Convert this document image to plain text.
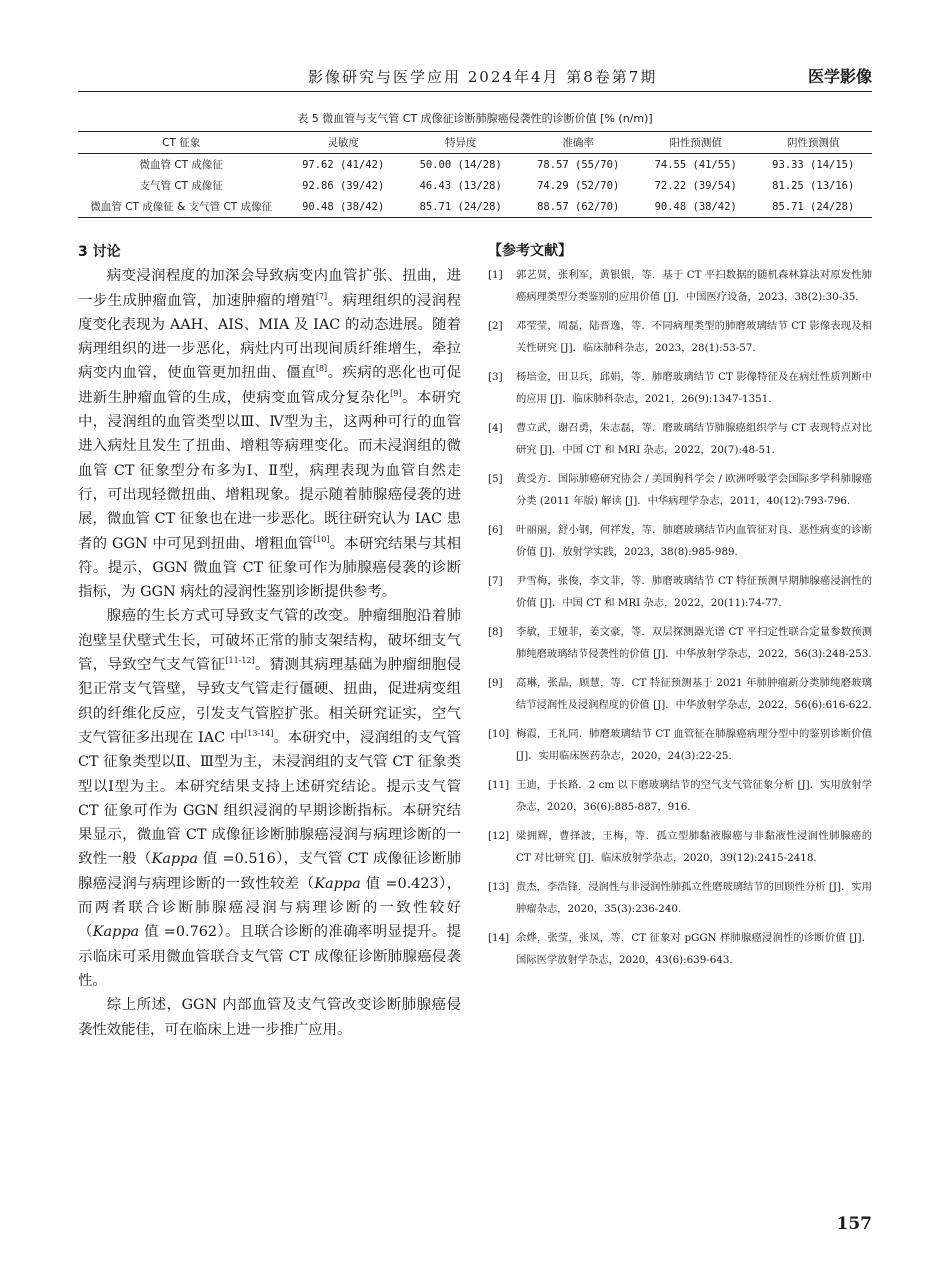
影像研究与医学应用 2024年4月 第8卷第7期	医学影像
表 5 微血管与支气管 CT 成像征诊断肺腺癌侵袭性的诊断价值 [% (n/m)]
CT 征象	灵敏度	特异度	准确率	阳性预测值	阴性预测值
微血管 CT 成像征	97.62 (41/42)	50.00 (14/28)	78.57 (55/70)	74.55 (41/55)	93.33 (14/15)
支气管 CT 成像征	92.86 (39/42)	46.43 (13/28)	74.29 (52/70)	72.22 (39/54)	81.25 (13/16)
微血管 CT 成像征 & 支气管 CT 成像征	90.48 (38/42)	85.71 (24/28)	88.57 (62/70)	90.48 (38/42)	85.71 (24/28)
3 讨论

病变浸润程度的加深会导致病变内血管扩张、扭曲，进一步生成肿瘤血管，加速肿瘤的增殖[7]。病理组织的浸润程度变化表现为 AAH、AIS、MIA 及 IAC 的动态进展。随着病理组织的进一步恶化，病灶内可出现间质纤维增生，牵拉病变内血管，使血管更加扭曲、僵直[8]。疾病的恶化也可促进新生肿瘤血管的生成，使病变血管成分复杂化[9]。本研究中，浸润组的血管类型以Ⅲ、Ⅳ型为主，这两种可行的血管进入病灶且发生了扭曲、增粗等病理变化。而未浸润组的微血管 CT 征象型分布多为Ⅰ、Ⅱ型，病理表现为血管自然走行，可出现轻微扭曲、增粗现象。提示随着肺腺癌侵袭的进展，微血管 CT 征象也在进一步恶化。既往研究认为 IAC 患者的 GGN 中可见到扭曲、增粗血管[10]。本研究结果与其相符。提示，GGN 微血管 CT 征象可作为肺腺癌侵袭的诊断指标，为 GGN 病灶的浸润性鉴别诊断提供参考。

腺癌的生长方式可导致支气管的改变。肿瘤细胞沿着肺泡壁呈伏壁式生长，可破坏正常的肺支架结构，破坏细支气管，导致空气支气管征[11-12]。猜测其病理基础为肿瘤细胞侵犯正常支气管壁，导致支气管走行僵硬、扭曲，促进病变组织的纤维化反应，引发支气管腔扩张。相关研究证实，空气支气管征多出现在 IAC 中[13-14]。本研究中，浸润组的支气管 CT 征象类型以Ⅱ、Ⅲ型为主，未浸润组的支气管 CT 征象类型以Ⅰ型为主。本研究结果支持上述研究结论。提示支气管 CT 征象可作为 GGN 组织浸润的早期诊断指标。本研究结果显示，微血管 CT 成像征诊断肺腺癌浸润与病理诊断的一致性一般（Kappa 值 =0.516），支气管 CT 成像征诊断肺腺癌浸润与病理诊断的一致性较差（Kappa 值 =0.423），而两者联合诊断肺腺癌浸润与病理诊断的一致性较好（Kappa 值 =0.762）。且联合诊断的准确率明显提升。提示临床可采用微血管联合支气管 CT 成像征诊断肺腺癌侵袭性。

综上所述，GGN 内部血管及支气管改变诊断肺腺癌侵袭性效能佳，可在临床上进一步推广应用。

【参考文献】
[1] 郭艺贤，张利军，黄银银，等．基于 CT 平扫数据的随机森林算法对原发性肺癌病理类型分类鉴别的应用价值 [J]．中国医疗设备，2023，38(2):30-35.
[2] 邓莹莹，周磊，陆晋逸，等．不同病理类型的肺磨玻璃结节 CT 影像表现及相关性研究 [J]．临床肺科杂志，2023，28(1):53-57.
[3] 杨培金，田卫兵，邱娟，等．肺磨玻璃结节 CT 影像特征及在病灶性质判断中的应用 [J]．临床肺科杂志，2021，26(9):1347-1351.
[4] 曹立武，谢召勇，朱志磊，等．磨玻璃结节肺腺癌组织学与 CT 表现特点对比研究 [J]．中国 CT 和 MRI 杂志，2022，20(7):48-51.
[5] 黄受方．国际肺癌研究协会 / 美国胸科学会 / 欧洲呼吸学会国际多学科肺腺癌分类 (2011 年版) 解读 [J]．中华病理学杂志，2011，40(12):793-796.
[6] 叶丽丽，舒小钢，何祥发，等．肺磨玻璃结节内血管征对良、恶性病变的诊断价值 [J]．放射学实践，2023，38(8):985-989.
[7] 尹雪梅，张俊，李文菲，等．肺磨玻璃结节 CT 特征预测早期肺腺癌浸润性的价值 [J]．中国 CT 和 MRI 杂志，2022，20(11):74-77.
[8] 李敏，王娅菲，姜文豪，等．双层探测器光谱 CT 平扫定性联合定量参数预测肺纯磨玻璃结节侵袭性的价值 [J]．中华放射学杂志，2022，56(3):248-253.
[9] 高琳，张晶，顾慧，等．CT 特征预测基于 2021 年肺肿瘤新分类肺纯磨玻璃结节浸润性及浸润程度的价值 [J]．中华放射学杂志，2022，56(6):616-622.
[10] 梅霞，王礼同．肺磨玻璃结节 CT 血管征在肺腺癌病理分型中的鉴别诊断价值 [J]．实用临床医药杂志，2020，24(3):22-25.
[11] 王迪，于长路．2 cm 以下磨玻璃结节的空气支气管征象分析 [J]．实用放射学杂志，2020，36(6):885-887，916.
[12] 梁拥辉，曹择波，王梅，等．孤立型肺黏液腺癌与非黏液性浸润性肺腺癌的 CT 对比研究 [J]．临床放射学杂志，2020，39(12):2415-2418.
[13] 贵杰，李浩锋．浸润性与非浸润性肺孤立性磨玻璃结节的回顾性分析 [J]．实用肿瘤杂志，2020，35(3):236-240.
[14] 余烨，张莹，张凤，等．CT 征象对 pGGN 样肺腺癌浸润性的诊断价值 [J]．国际医学放射学杂志，2020，43(6):639-643.
157
